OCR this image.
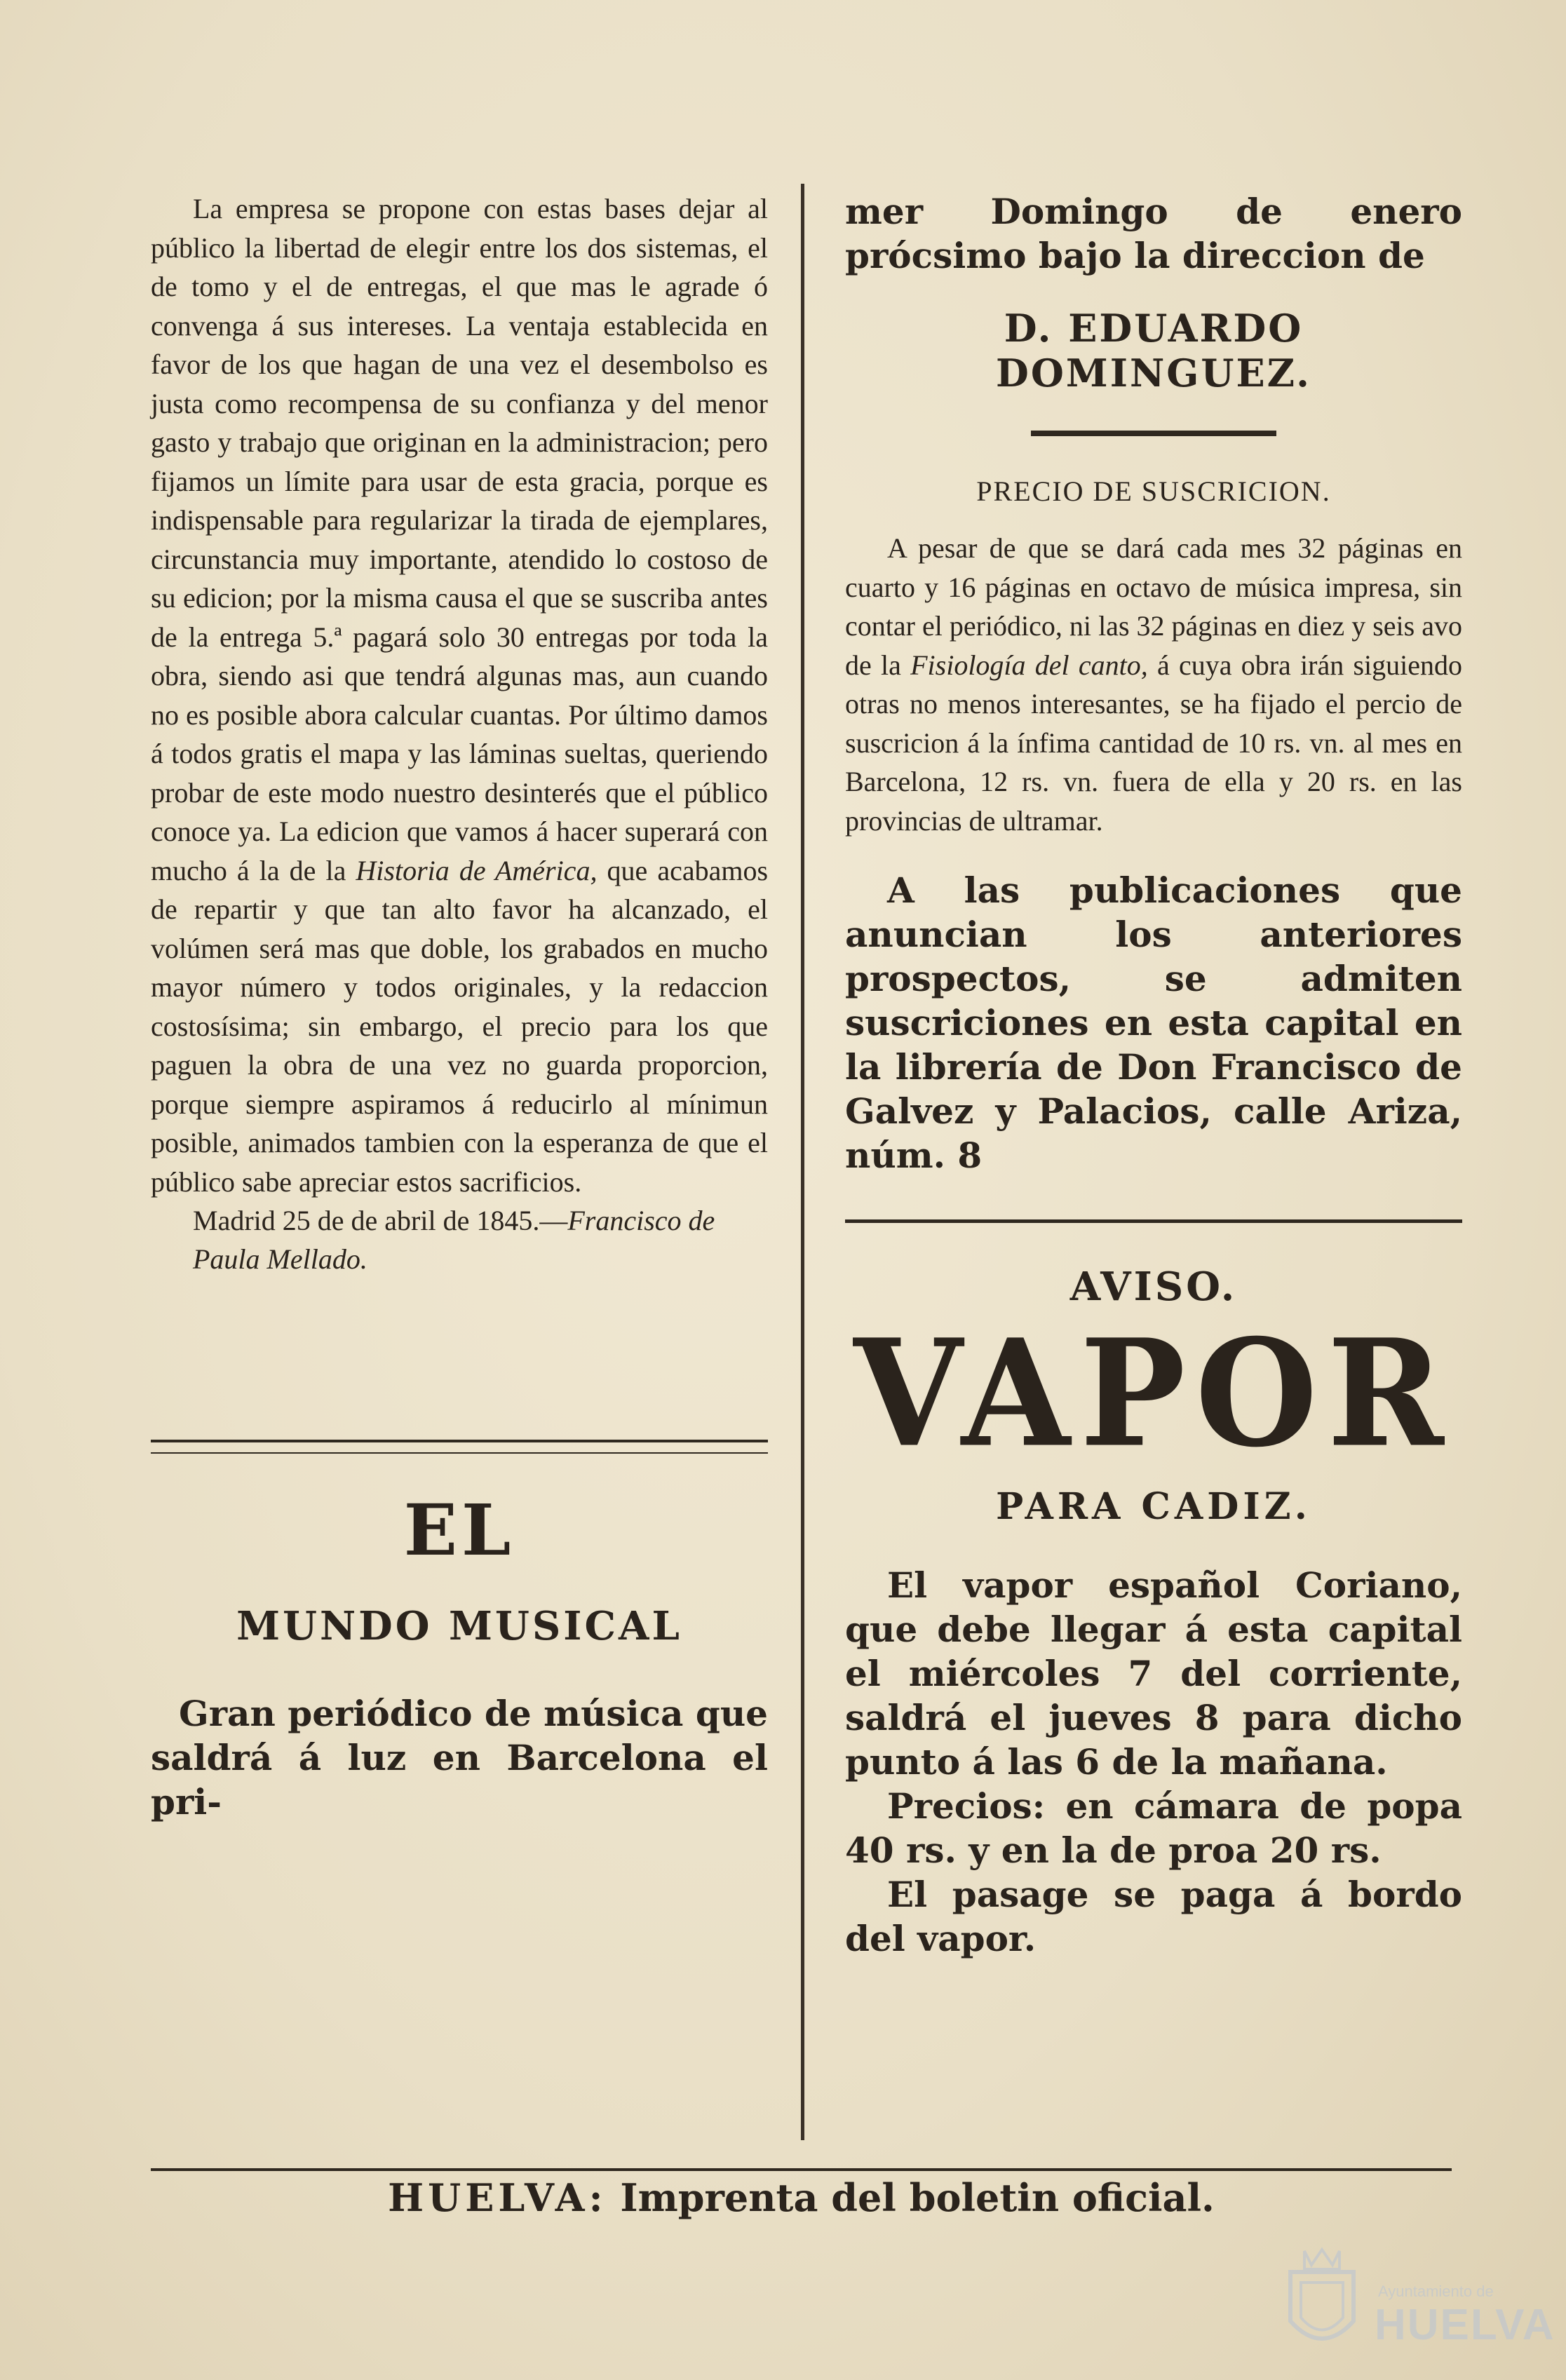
La empresa se propone con estas bases dejar al público la libertad de elegir entre los dos sistemas, el de tomo y el de entregas, el que mas le agrade ó convenga á sus intereses. La ventaja establecida en favor de los que hagan de una vez el desembolso es justa como recompensa de su confianza y del menor gasto y trabajo que originan en la administracion; pero fijamos un límite para usar de esta gracia, porque es indispensable para regularizar la tirada de ejemplares, circunstancia muy importante, atendido lo costoso de su edicion; por la misma causa el que se suscriba antes de la entrega 5.ª pagará solo 30 entregas por toda la obra, siendo asi que tendrá algunas mas, aun cuando no es posible abora calcular cuantas. Por último damos á todos gratis el mapa y las láminas sueltas, queriendo probar de este modo nuestro desinterés que el público conoce ya. La edicion que vamos á hacer superará con mucho á la de la Historia de América, que acabamos de repartir y que tan alto favor ha alcanzado, el volúmen será mas que doble, los grabados en mucho mayor número y todos originales, y la redaccion costosísima; sin embargo, el precio para los que paguen la obra de una vez no guarda proporcion, porque siempre aspiramos á reducirlo al mínimun posible, animados tambien con la esperanza de que el público sabe apreciar estos sacrificios.

Madrid 25 de de abril de 1845.—Francisco de Paula Mellado.

EL

MUNDO MUSICAL

Gran periódico de música que saldrá á luz en Barcelona el pri-

mer Domingo de enero prócsimo bajo la direccion de

D. EDUARDO DOMINGUEZ.

PRECIO DE SUSCRICION.

A pesar de que se dará cada mes 32 páginas en cuarto y 16 páginas en octavo de música impresa, sin contar el periódico, ni las 32 páginas en diez y seis avo de la Fisiología del canto, á cuya obra irán siguiendo otras no menos interesantes, se ha fijado el percio de suscricion á la ínfima cantidad de 10 rs. vn. al mes en Barcelona, 12 rs. vn. fuera de ella y 20 rs. en las provincias de ultramar.

A las publicaciones que anuncian los anteriores prospectos, se admiten suscriciones en esta capital en la librería de Don Francisco de Galvez y Palacios, calle Ariza, núm. 8

AVISO.

VAPOR

PARA CADIZ.

El vapor español Coriano, que debe llegar á esta capital el miércoles 7 del corriente, saldrá el jueves 8 para dicho punto á las 6 de la mañana.

Precios: en cámara de popa 40 rs. y en la de proa 20 rs.

El pasage se paga á bordo del vapor.

HUELVA: Imprenta del boletin oficial.
Ayuntamiento de
HUELVA
